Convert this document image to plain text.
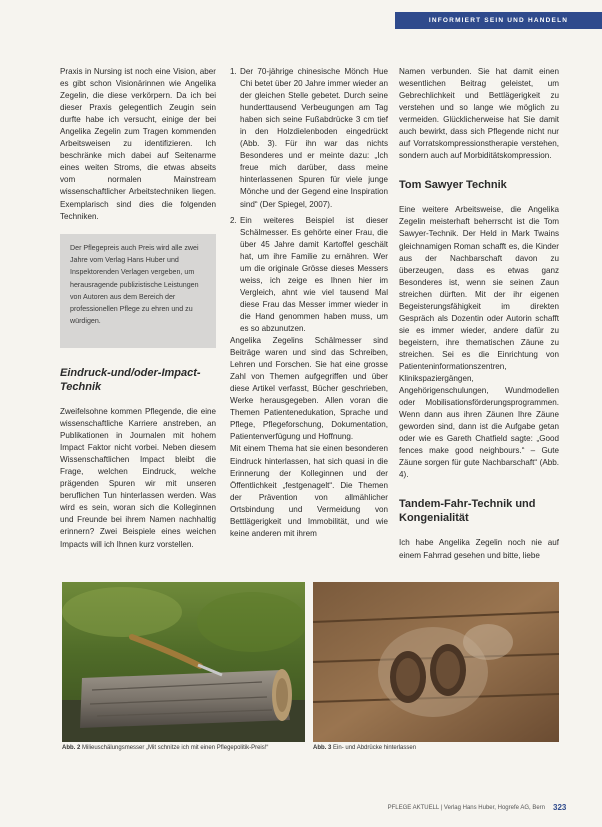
INFORMIERT SEIN UND HANDELN

Praxis in Nursing ist noch eine Vision, aber es gibt schon Visionärinnen wie Angelika Zegelin, die diese verkörpern. Da ich bei dieser Praxis gelegentlich Zeugin sein durfte habe ich versucht, einige der bei Angelika Zegelin zum Tragen kommenden Arbeitsweisen zu identifizieren. Ich beschränke mich dabei auf Seitenarme eines weiten Stroms, die etwas abseits vom normalen Mainstream wissenschaftlicher Arbeitstechniken liegen. Exemplarisch sind dies die folgenden Techniken.

Der Pflegepreis auch Preis wird alle zwei Jahre vom Verlag Hans Huber und Inspektorenden Verlagen vergeben, um herausragende publizistische Leistungen von Autoren aus dem Bereich der professionellen Pflege zu ehren und zu würdigen.
Eindruck-und/oder-Impact-Technik

Zweifelsohne kommen Pflegende, die eine wissenschaftliche Karriere anstreben, an Publikationen in Journalen mit hohem Impact Faktor nicht vorbei. Neben diesem Wissenschaftlichen Impact bleibt die Frage, welchen Eindruck, welche prägenden Spuren wir mit unseren beruflichen Tun hinterlassen werden. Was wird es sein, woran sich die Kolleginnen und Freunde bei ihrem Namen nachhaltig erinnern? Zwei Beispiele eines weichen Impacts will ich Ihnen kurz vorstellen.

1. Der 70-jährige chinesische Mönch Hue Chi betet über 20 Jahre immer wieder an der gleichen Stelle gebetet. Durch seine hunderttausend Verbeugungen am Tag haben sich seine Fußabdrücke 3 cm tief in den Holzdielenboden eingedrückt (Abb. 3). Für ihn war das nichts Besonderes und er meinte dazu: „Ich freue mich darüber, dass meine hinterlassenen Spuren für viele junge Mönche und der Gegend eine Inspiration sind“ (Der Spiegel, 2007).
2. Ein weiteres Beispiel ist dieser Schälmesser. Es gehörte einer Frau, die über 45 Jahre damit Kartoffel geschält hat, um ihre Familie zu ernähren. Wer um die originale Grösse dieses Messers weiss, ich zeige es Ihnen hier im Vergleich, ahnt wie viel tausend Mal diese Frau das Messer immer wieder in die Hand genommen haben muss, um es so abzunutzen.

Angelika Zegelins Schälmesser sind Beiträge waren und sind das Schreiben, Lehren und Forschen. Sie hat eine grosse Zahl von Themen aufgegriffen und über diese Artikel verfasst, Bücher geschrieben, Werke herausgegeben. Allen voran die Themen Patientenedukation, Sprache und Pflege, Pflegeforschung, Dokumentation, Patientenverfügung und Hoffnung.

Mit einem Thema hat sie einen besonderen Eindruck hinterlassen, hat sich quasi in die Erinnerung der Kolleginnen und der Öffentlichkeit „festgenagelt“. Die Themen der Prävention von allmählicher Ortsbindung und Vermeidung von Bettlägerigkeit und Immobilität, und wie keine anderen mit ihrem

Namen verbunden. Sie hat damit einen wesentlichen Beitrag geleistet, um Gebrechlichkeit und Bettlägerigkeit zu verstehen und so lange wie möglich zu vermeiden. Glücklicherweise hat Sie damit auch bewirkt, dass sich Pflegende nicht nur auf Vorratskompressionstherapie verstehen, sondern auch auf Morbiditätskompression.

Tom Sawyer Technik

Eine weitere Arbeitsweise, die Angelika Zegelin meisterhaft beherrscht ist die Tom Sawyer-Technik. Der Held in Mark Twains gleichnamigen Roman schafft es, die Kinder aus der Nachbarschaft davon zu überzeugen, dass es etwas ganz Besonderes ist, wenn sie seinen Zaun streichen dürften. Mit der ihr eigenen Begeisterungsfähigkeit im direkten Gespräch als Dozentin oder Autorin schafft sie es immer wieder, andere dafür zu begeistern, ihre thematischen Zäune zu streichen. Sei es die Einrichtung von Patienteninformationszentren, Klinikspaziergängen, Angehörigenschulungen, Wundmodellen oder Mobilisationsförderungsprogrammen. Wenn dann aus ihren Zäunen Ihre Zäune geworden sind, dann ist die Aufgabe getan oder wie es Gareth Chatfield sagte: „Good fences make good neighbours.“ – Gute Zäune sorgen für gute Nachbarschaft“ (Abb. 4).

Tandem-Fahr-Technik und Kongenialität

Ich habe Angelika Zegelin noch nie auf einem Fahrrad gesehen und bitte, liebe

Abb. 2 Milieuschälungsmesser „Mit schnitze ich mit einen Pflegepolitik-Preis!“	Abb. 3 Ein- und Abdrücke hinterlassen
PFLEGE AKTUELL | Verlag Hans Huber, Hogrefe AG, Bern 323
